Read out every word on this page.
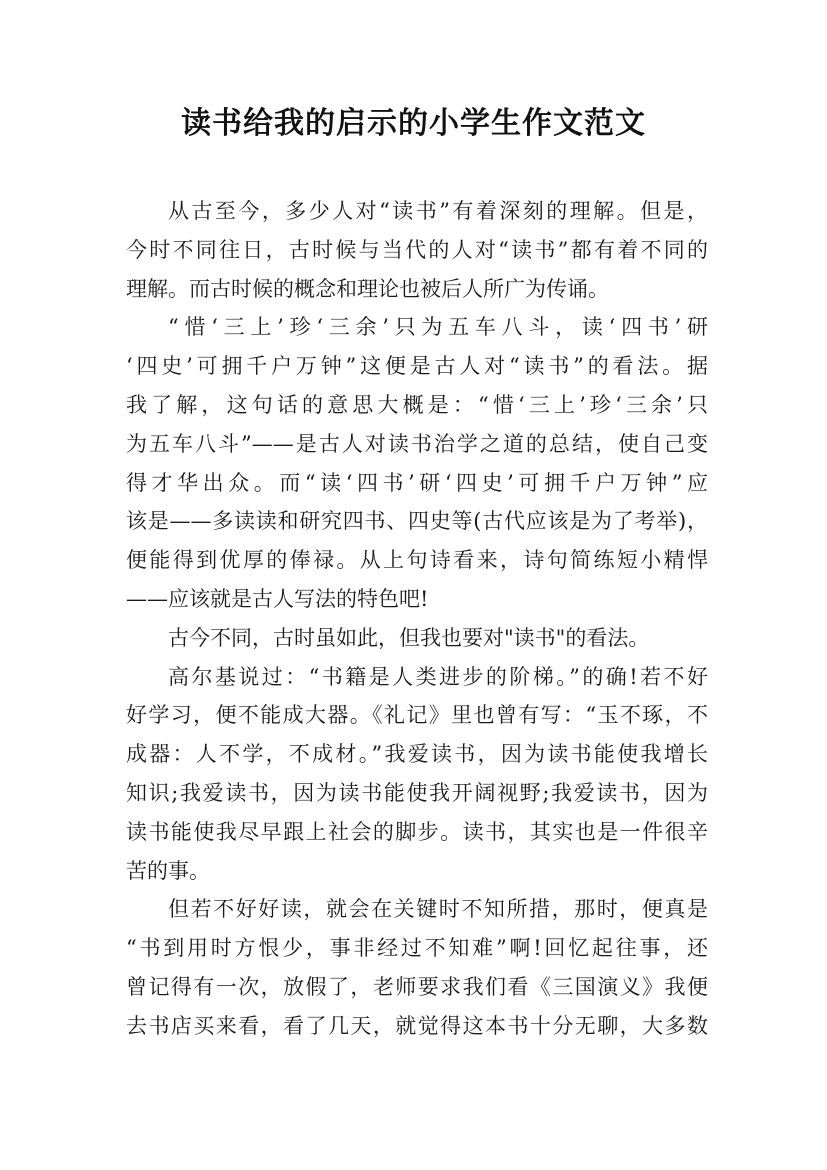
读书给我的启示的小学生作文范文
从古至今，多少人对“读书”有着深刻的理解。但是，
今时不同往日，古时候与当代的人对“读书”都有着不同的
理解。而古时候的概念和理论也被后人所广为传诵。
“惜‘三上’珍‘三余’只为五车八斗，读‘四书’研
‘四史’可拥千户万钟”这便是古人对“读书”的看法。据
我了解，这句话的意思大概是：“惜‘三上’珍‘三余’只
为五车八斗”——是古人对读书治学之道的总结，使自己变
得才华出众。而“读‘四书’研‘四史’可拥千户万钟”应
该是——多读读和研究四书、四史等(古代应该是为了考举)，
便能得到优厚的俸禄。从上句诗看来，诗句简练短小精悍
——应该就是古人写法的特色吧!
古今不同，古时虽如此，但我也要对"读书"的看法。
高尔基说过：“书籍是人类进步的阶梯。”的确!若不好
好学习，便不能成大器。《礼记》里也曾有写：“玉不琢，不
成器：人不学，不成材。”我爱读书，因为读书能使我增长
知识;我爱读书，因为读书能使我开阔视野;我爱读书，因为
读书能使我尽早跟上社会的脚步。读书，其实也是一件很辛
苦的事。
但若不好好读，就会在关键时不知所措，那时，便真是
“书到用时方恨少，事非经过不知难”啊!回忆起往事，还
曾记得有一次，放假了，老师要求我们看《三国演义》我便
去书店买来看，看了几天，就觉得这本书十分无聊，大多数
